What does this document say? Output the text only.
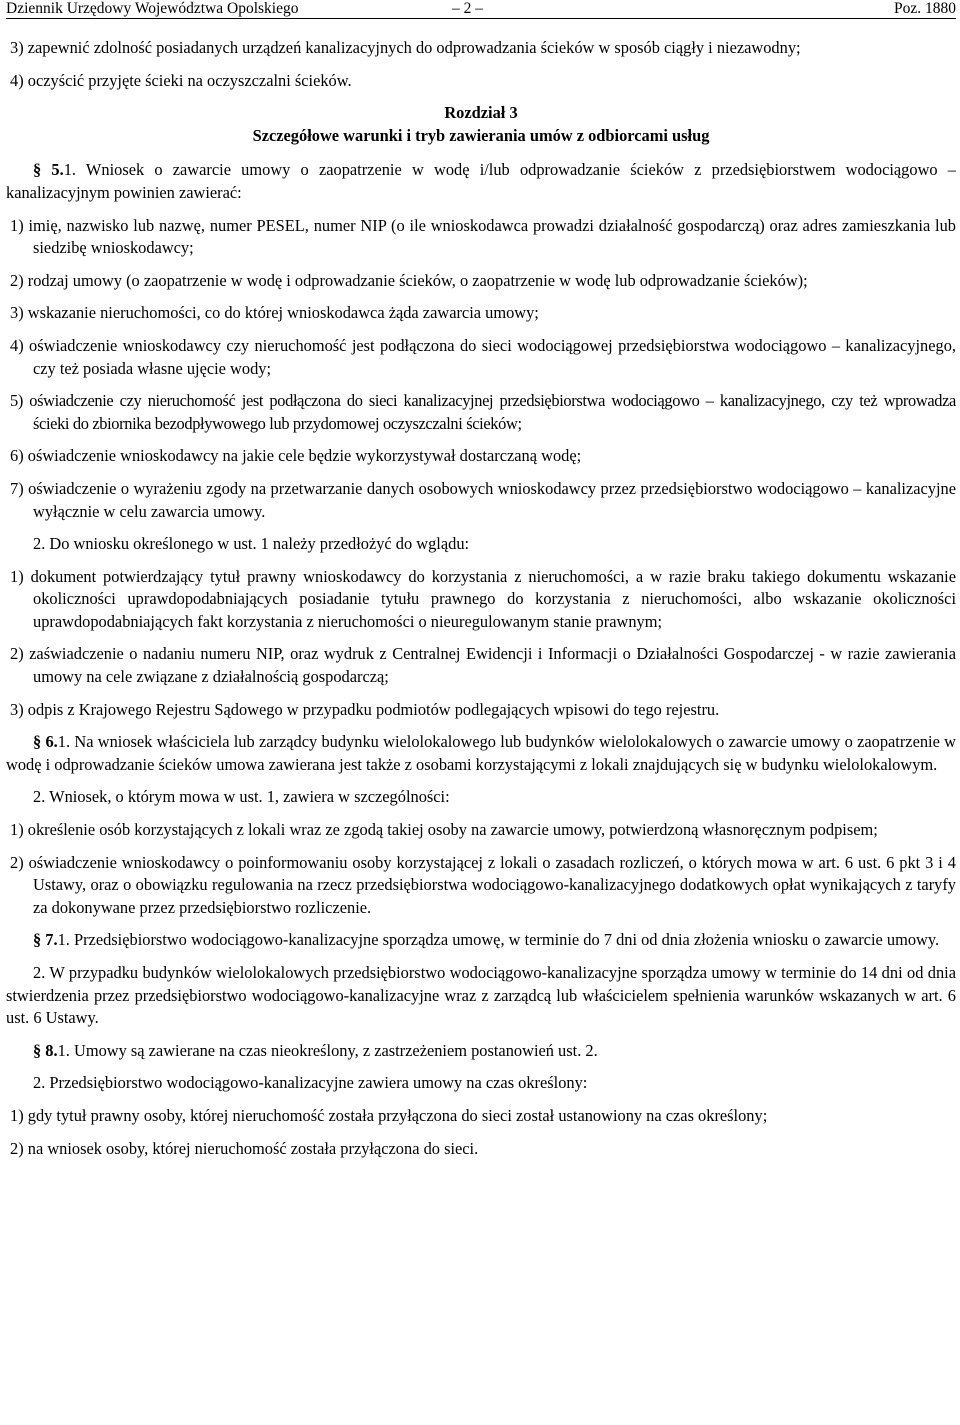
Dziennik Urzędowy Województwa Opolskiego	– 2 –	Poz. 1880

3) zapewnić zdolność posiadanych urządzeń kanalizacyjnych do odprowadzania ścieków w sposób ciągły i niezawodny;

4) oczyścić przyjęte ścieki na oczyszczalni ścieków.

Rozdział 3

Szczegółowe warunki i tryb zawierania umów z odbiorcami usług

§ 5.1. Wniosek o zawarcie umowy o zaopatrzenie w wodę i/lub odprowadzanie ścieków z przedsiębiorstwem wodociągowo – kanalizacyjnym powinien zawierać:

1) imię, nazwisko lub nazwę, numer PESEL, numer NIP (o ile wnioskodawca prowadzi działalność gospodarczą) oraz adres zamieszkania lub siedzibę wnioskodawcy;

2) rodzaj umowy (o zaopatrzenie w wodę i odprowadzanie ścieków, o zaopatrzenie w wodę lub odprowadzanie ścieków);

3) wskazanie nieruchomości, co do której wnioskodawca żąda zawarcia umowy;

4) oświadczenie wnioskodawcy czy nieruchomość jest podłączona do sieci wodociągowej przedsiębiorstwa wodociągowo – kanalizacyjnego, czy też posiada własne ujęcie wody;

5) oświadczenie czy nieruchomość jest podłączona do sieci kanalizacyjnej przedsiębiorstwa wodociągowo – kanalizacyjnego, czy też wprowadza ścieki do zbiornika bezodpływowego lub przydomowej oczyszczalni ścieków;

6) oświadczenie wnioskodawcy na jakie cele będzie wykorzystywał dostarczaną wodę;

7) oświadczenie o wyrażeniu zgody na przetwarzanie danych osobowych wnioskodawcy przez przedsiębiorstwo wodociągowo – kanalizacyjne wyłącznie w celu zawarcia umowy.

2. Do wniosku określonego w ust. 1 należy przedłożyć do wglądu:

1) dokument potwierdzający tytuł prawny wnioskodawcy do korzystania z nieruchomości, a w razie braku takiego dokumentu wskazanie okoliczności uprawdopodabniających posiadanie tytułu prawnego do korzystania z nieruchomości, albo wskazanie okoliczności uprawdopodabniających fakt korzystania z nieruchomości o nieuregulowanym stanie prawnym;

2) zaświadczenie o nadaniu numeru NIP, oraz wydruk z Centralnej Ewidencji i Informacji o Działalności Gospodarczej - w razie zawierania umowy na cele związane z działalnością gospodarczą;

3) odpis z Krajowego Rejestru Sądowego w przypadku podmiotów podlegających wpisowi do tego rejestru.

§ 6.1. Na wniosek właściciela lub zarządcy budynku wielolokalowego lub budynków wielolokalowych o zawarcie umowy o zaopatrzenie w wodę i odprowadzanie ścieków umowa zawierana jest także z osobami korzystającymi z lokali znajdujących się w budynku wielolokalowym.

2. Wniosek, o którym mowa w ust. 1, zawiera w szczególności:

1) określenie osób korzystających z lokali wraz ze zgodą takiej osoby na zawarcie umowy, potwierdzoną własnoręcznym podpisem;

2) oświadczenie wnioskodawcy o poinformowaniu osoby korzystającej z lokali o zasadach rozliczeń, o których mowa w art. 6 ust. 6 pkt 3 i 4 Ustawy, oraz o obowiązku regulowania na rzecz przedsiębiorstwa wodociągowo-kanalizacyjnego dodatkowych opłat wynikających z taryfy za dokonywane przez przedsiębiorstwo rozliczenie.

§ 7.1. Przedsiębiorstwo wodociągowo-kanalizacyjne sporządza umowę, w terminie do 7 dni od dnia złożenia wniosku o zawarcie umowy.

2. W przypadku budynków wielolokalowych przedsiębiorstwo wodociągowo-kanalizacyjne sporządza umowy w terminie do 14 dni od dnia stwierdzenia przez przedsiębiorstwo wodociągowo-kanalizacyjne wraz z zarządcą lub właścicielem spełnienia warunków wskazanych w art. 6 ust. 6 Ustawy.

§ 8.1. Umowy są zawierane na czas nieokreślony, z zastrzeżeniem postanowień ust. 2.

2. Przedsiębiorstwo wodociągowo-kanalizacyjne zawiera umowy na czas określony:

1) gdy tytuł prawny osoby, której nieruchomość została przyłączona do sieci został ustanowiony na czas określony;

2) na wniosek osoby, której nieruchomość została przyłączona do sieci.
